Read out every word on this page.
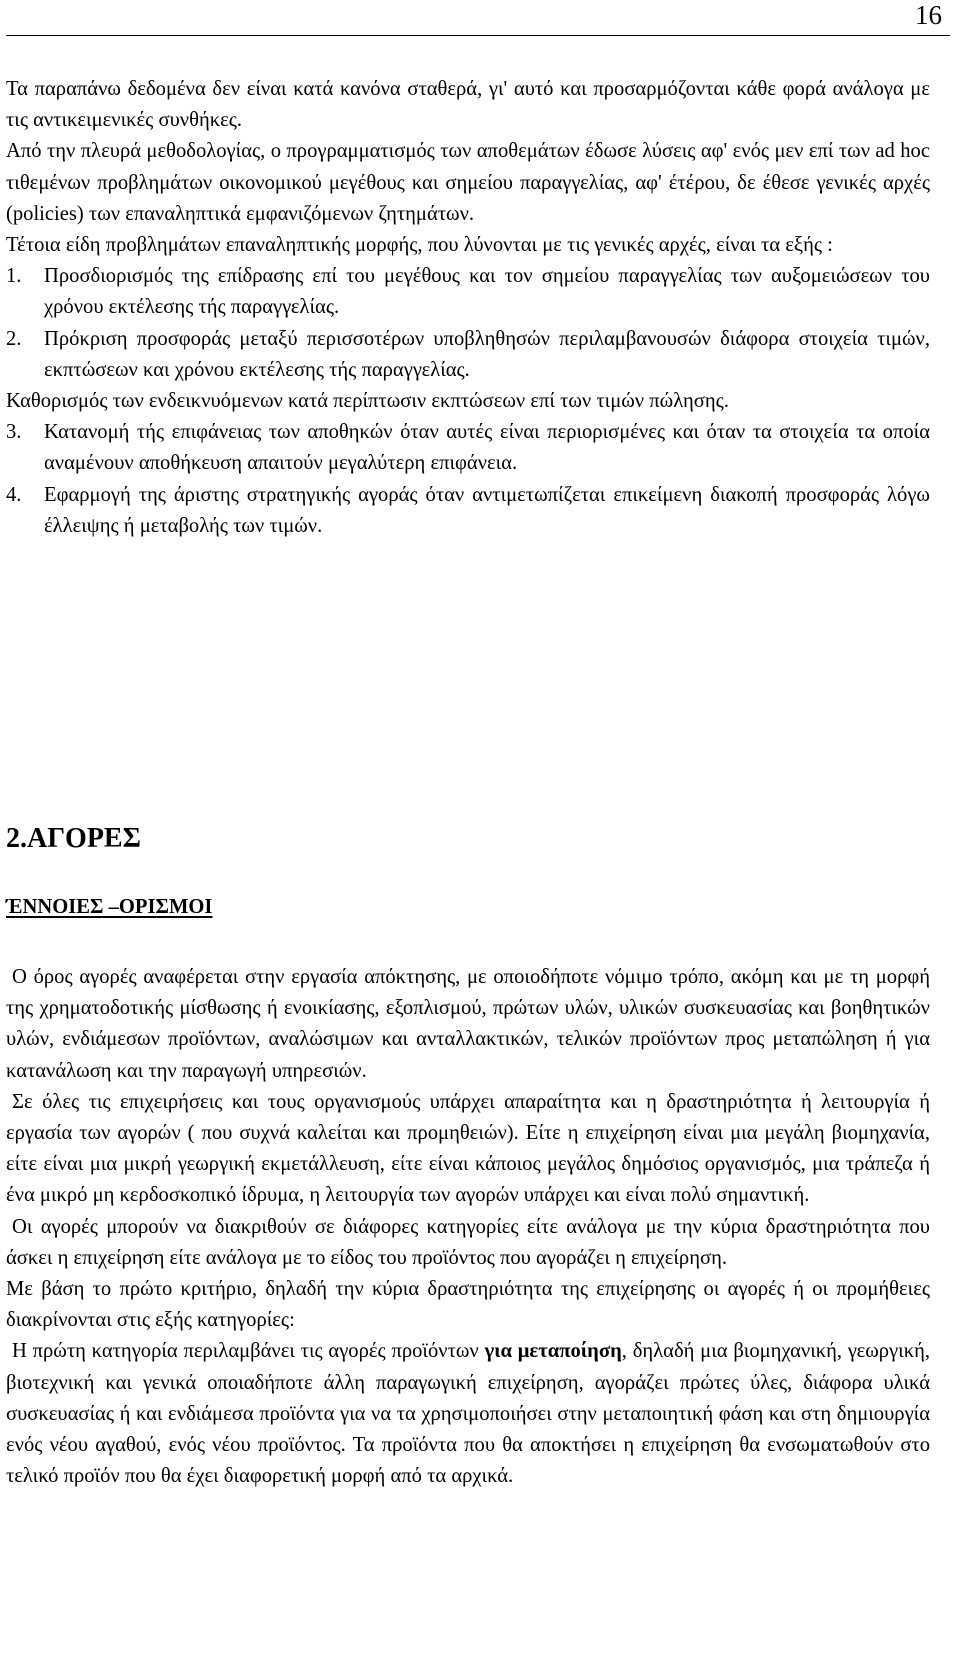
16

Τα παραπάνω δεδομένα δεν είναι κατά κανόνα σταθερά, γι' αυτό και προσαρμόζονται κάθε φορά ανάλογα με τις αντικειμενικές συνθήκες.

Από την πλευρά μεθοδολογίας, ο προγραμματισμός των αποθεμάτων έδωσε λύσεις αφ' ενός μεν επί των ad hoc τιθεμένων προβλημάτων οικονομικού μεγέθους και σημείου παραγγελίας, αφ' έτέρου, δε έθεσε γενικές αρχές (policies) των επαναληπτικά εμφανιζόμενων ζητημάτων.

Τέτοια είδη προβλημάτων επαναληπτικής μορφής, που λύνονται με τις γενικές αρχές, είναι τα εξής :

1.	Προσδιορισμός της επίδρασης επί του μεγέθους και τον σημείου παραγγελίας των αυξομειώσεων του χρόνου εκτέλεσης τής παραγγελίας.
2.	Πρόκριση προσφοράς μεταξύ περισσοτέρων υποβληθησών περιλαμβανουσών διάφορα στοιχεία τιμών, εκπτώσεων και χρόνου εκτέλεσης τής παραγγελίας.

Καθορισμός των ενδεικνυόμενων κατά περίπτωσιν εκπτώσεων επί των τιμών πώλησης.

3.	Κατανομή τής επιφάνειας των αποθηκών όταν αυτές είναι περιορισμένες και όταν τα στοιχεία τα οποία αναμένουν αποθήκευση απαιτούν μεγαλύτερη επιφάνεια.
4.	Εφαρμογή της άριστης στρατηγικής αγοράς όταν αντιμετωπίζεται επικείμενη διακοπή προσφοράς λόγω έλλειψης ή μεταβολής των τιμών.
2.ΑΓΟΡΕΣ
ΈΝΝΟΙΕΣ –ΟΡΙΣΜΟΙ

Ο όρος αγορές αναφέρεται στην εργασία απόκτησης, με οποιοδήποτε νόμιμο τρόπο, ακόμη και με τη μορφή της χρηματοδοτικής μίσθωσης ή ενοικίασης, εξοπλισμού, πρώτων υλών, υλικών συσκευασίας και βοηθητικών υλών, ενδιάμεσων προϊόντων, αναλώσιμων και ανταλλακτικών, τελικών προϊόντων προς μεταπώληση ή για κατανάλωση και την παραγωγή υπηρεσιών.

Σε όλες τις επιχειρήσεις και τους οργανισμούς υπάρχει απαραίτητα και η δραστηριότητα ή λειτουργία ή εργασία των αγορών ( που συχνά καλείται και προμηθειών). Είτε η επιχείρηση είναι μια μεγάλη βιομηχανία, είτε είναι μια μικρή γεωργική εκμετάλλευση, είτε είναι κάποιος μεγάλος δημόσιος οργανισμός, μια τράπεζα ή ένα μικρό μη κερδοσκοπικό ίδρυμα, η λειτουργία των αγορών υπάρχει και είναι πολύ σημαντική.

Οι αγορές μπορούν να διακριθούν σε διάφορες κατηγορίες είτε ανάλογα με την κύρια δραστηριότητα που άσκει η επιχείρηση είτε ανάλογα με το είδος του προϊόντος που αγοράζει η επιχείρηση.

Με βάση το πρώτο κριτήριο, δηλαδή την κύρια δραστηριότητα της επιχείρησης οι αγορές ή οι προμήθειες διακρίνονται στις εξής κατηγορίες:

Η πρώτη κατηγορία περιλαμβάνει τις αγορές προϊόντων για μεταποίηση, δηλαδή μια βιομηχανική, γεωργική, βιοτεχνική και γενικά οποιαδήποτε άλλη παραγωγική επιχείρηση, αγοράζει πρώτες ύλες, διάφορα υλικά συσκευασίας ή και ενδιάμεσα προϊόντα για να τα χρησιμοποιήσει στην μεταποιητική φάση και στη δημιουργία ενός νέου αγαθού, ενός νέου προϊόντος. Τα προϊόντα που θα αποκτήσει η επιχείρηση θα ενσωματωθούν στο τελικό προϊόν που θα έχει διαφορετική μορφή από τα αρχικά.
